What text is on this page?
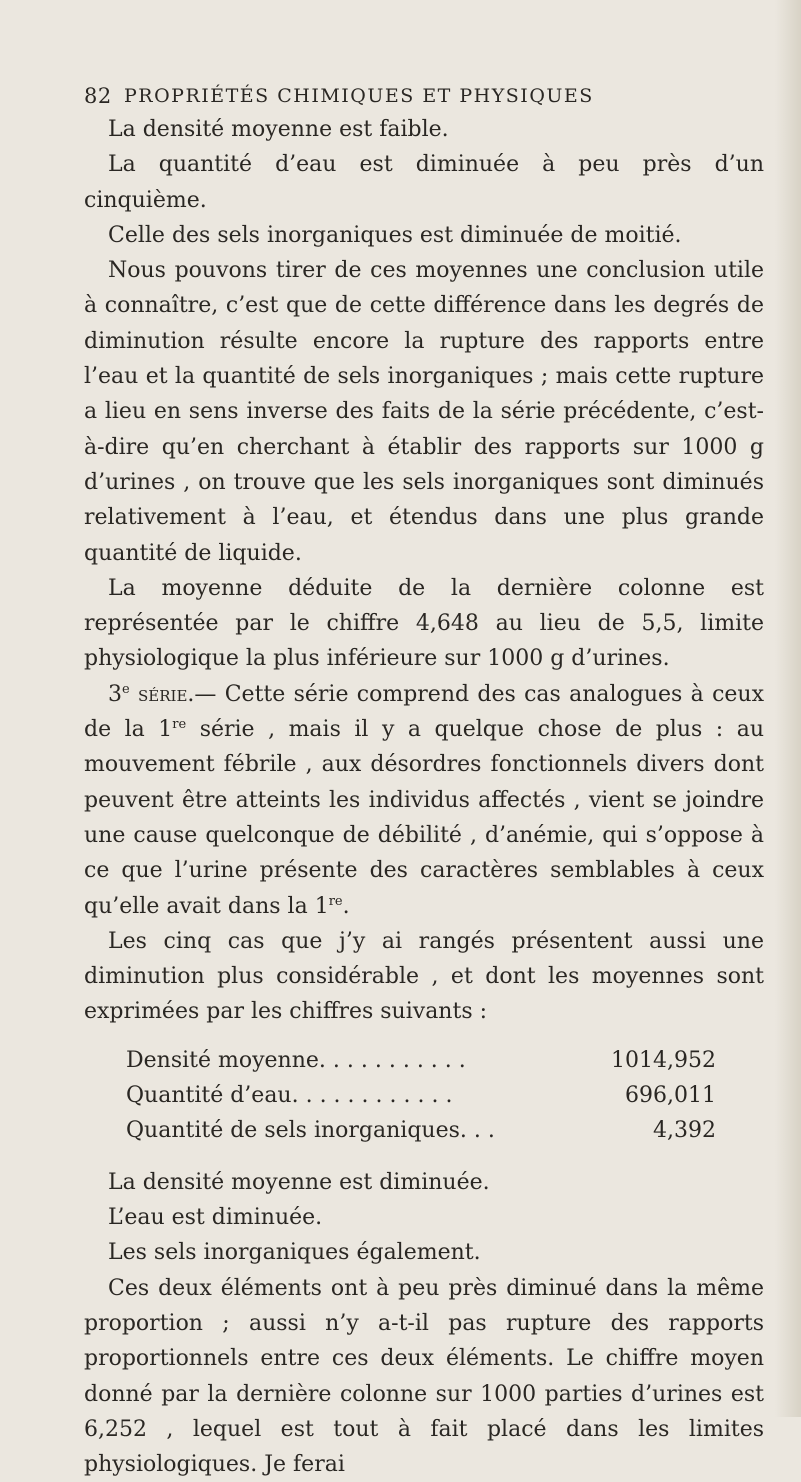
82 PROPRIÉTÉS CHIMIQUES ET PHYSIQUES

La densité moyenne est faible.

La quantité d’eau est diminuée à peu près d’un cinquième.

Celle des sels inorganiques est diminuée de moitié.

Nous pouvons tirer de ces moyennes une conclusion utile à connaître, c’est que de cette différence dans les degrés de diminution résulte encore la rupture des rapports entre l’eau et la quantité de sels inorganiques ; mais cette rupture a lieu en sens inverse des faits de la série précédente, c’est-à-dire qu’en cherchant à établir des rapports sur 1000 g d’urines , on trouve que les sels inorganiques sont diminués relativement à l’eau, et étendus dans une plus grande quantité de liquide.

La moyenne déduite de la dernière colonne est représentée par le chiffre 4,648 au lieu de 5,5, limite physiologique la plus inférieure sur 1000 g d’urines.

3e série.— Cette série comprend des cas analogues à ceux de la 1re série , mais il y a quelque chose de plus : au mouvement fébrile , aux désordres fonctionnels divers dont peuvent être atteints les individus affectés , vient se joindre une cause quelconque de débilité , d’anémie, qui s’oppose à ce que l’urine présente des caractères semblables à ceux qu’elle avait dans la 1re.

Les cinq cas que j’y ai rangés présentent aussi une diminution plus considérable , et dont les moyennes sont exprimées par les chiffres suivants :

Densité moyenne. . . . . . . . . . .	1014,952
Quantité d’eau. . . . . . . . . . . .	696,011
Quantité de sels inorganiques. . .	4,392

La densité moyenne est diminuée.

L’eau est diminuée.

Les sels inorganiques également.

Ces deux éléments ont à peu près diminué dans la même proportion ; aussi n’y a-t-il pas rupture des rapports proportionnels entre ces deux éléments. Le chiffre moyen donné par la dernière colonne sur 1000 parties d’urines est 6,252 , lequel est tout à fait placé dans les limites physiologiques. Je ferai
